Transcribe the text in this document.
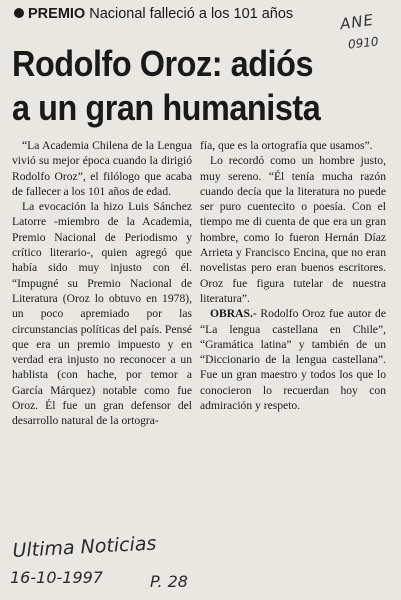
PREMIO Nacional falleció a los 101 años	ANE
0910
Rodolfo Oroz: adiós
a un gran humanista

“La Academia Chilena de la Lengua vivió su mejor época cuando la dirigió Rodolfo Oroz”, el filólogo que acaba de fallecer a los 101 años de edad.

La evocación la hizo Luis Sánchez Latorre -miembro de la Academia, Premio Nacional de Periodismo y crítico literario-, quien agregó que había sido muy injusto con él. “Impugné su Premio Nacional de Literatura (Oroz lo obtuvo en 1978), un poco apremiado por las circunstancias políticas del país. Pensé que era un premio impuesto y en verdad era injusto no reconocer a un hablista (con hache, por temor a García Márquez) notable como fue Oroz. Él fue un gran defensor del desarrollo natural de la ortogra-

fía, que es la ortografía que usamos”.

Lo recordó como un hombre justo, muy sereno. “Él tenía mucha razón cuando decía que la literatura no puede ser puro cuentecito o poesía. Con el tiempo me di cuenta de que era un gran hombre, como lo fueron Hernán Díaz Arrieta y Francisco Encina, que no eran novelistas pero eran buenos escritores. Oroz fue figura tutelar de nuestra literatura”.

OBRAS.- Rodolfo Oroz fue autor de “La lengua castellana en Chile”, “Gramática latina” y también de un “Diccionario de la lengua castellana”. Fue un gran maestro y todos los que lo conocieron lo recuerdan hoy con admiración y respeto.

Ultima Noticias
16-10-1997	P. 28
